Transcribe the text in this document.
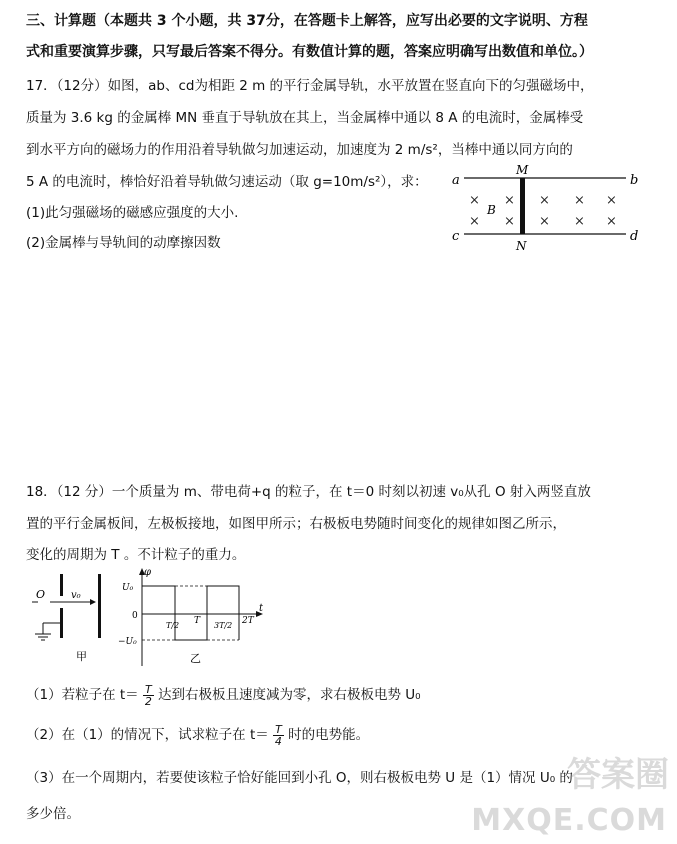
三、计算题（本题共 3 个小题，共 37分，在答题卡上解答，应写出必要的文字说明、方程
式和重要演算步骤，只写最后答案不得分。有数值计算的题，答案应明确写出数值和单位。）
17．（12分）如图，ab、cd为相距 2 m 的平行金属导轨，水平放置在竖直向下的匀强磁场中，
质量为 3.6 kg 的金属棒 MN 垂直于导轨放在其上，当金属棒中通以 8 A 的电流时，金属棒受
到水平方向的磁场力的作用沿着导轨做匀加速运动，加速度为 2 m/s²，当棒中通以同方向的
5 A 的电流时，棒恰好沿着导轨做匀速运动（取 g=10m/s²），求：
(1)此匀强磁场的磁感应强度的大小.
(2)金属棒与导轨间的动摩擦因数
a	b
c	d
M
N
B
× ×
× ×
× × ×
× × ×
18．（12 分）一个质量为 m、带电荷+q 的粒子，在 t＝0 时刻以初速 v₀从孔 O 射入两竖直放
置的平行金属板间，左极板接地，如图甲所示；右极板电势随时间变化的规律如图乙所示，
变化的周期为 T 。不计粒子的重力。
O	v₀
甲
φ
t
U₀
0
−U₀
T/2 T 3T/2 2T
乙
（1）若粒子在 $t= \frac{T}{2}$ 达到右极板且速度减为零，求右极板电势 U₀
（2）在（1）的情况下，试求粒子在 $t= \frac{T}{4}$ 时的电势能。
（3）在一个周期内，若要使该粒子恰好能回到小孔 O，则右极板电势 U 是（1）情况 U₀ 的
多少倍。
答案圈
MXQE.COM
